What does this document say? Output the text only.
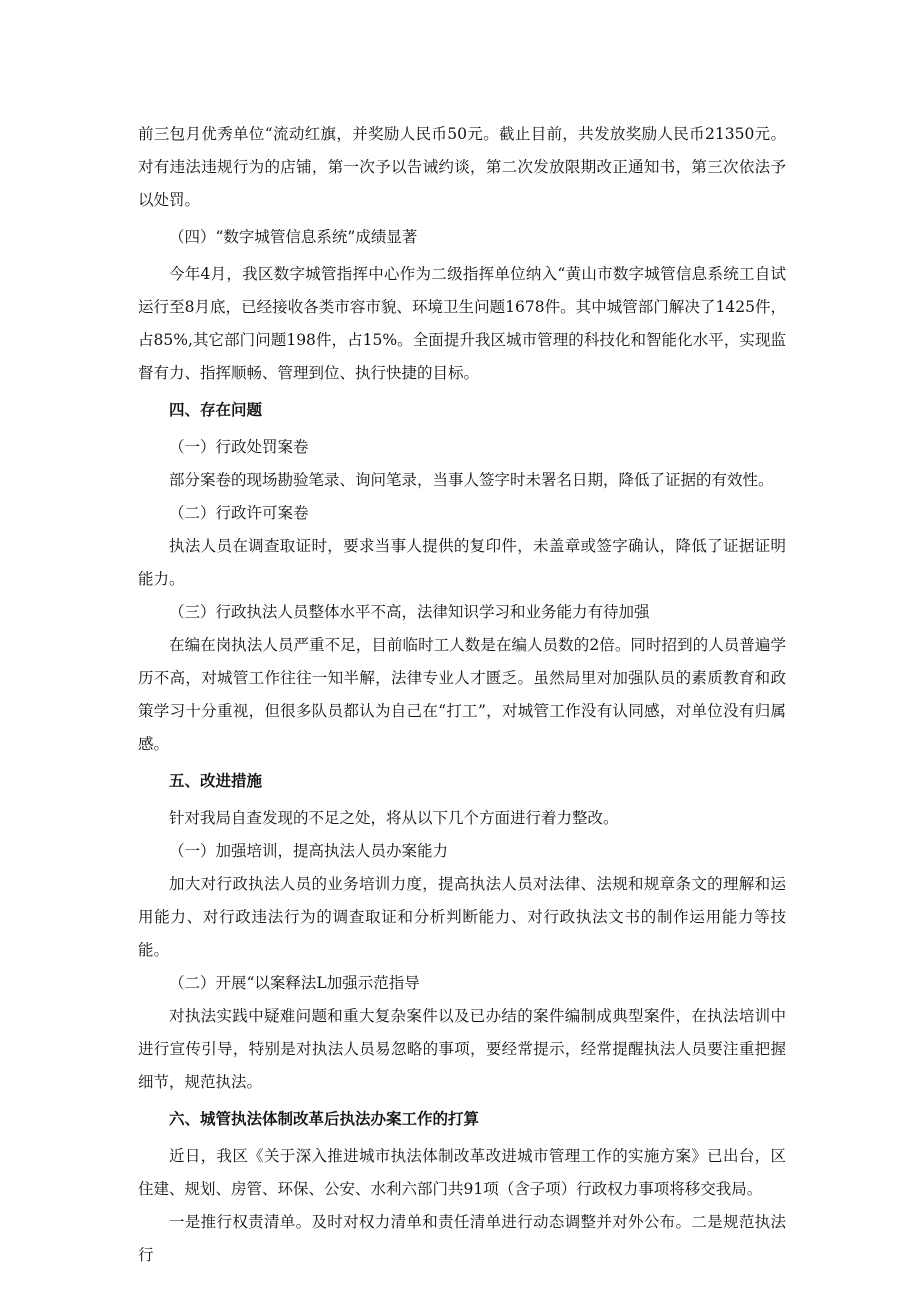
前三包月优秀单位“流动红旗，并奖励人民币50元。截止目前，共发放奖励人民币21350元。对有违法违规行为的店铺，第一次予以告诫约谈，第二次发放限期改正通知书，第三次依法予以处罚。

（四）“数字城管信息系统”成绩显著

今年4月，我区数字城管指挥中心作为二级指挥单位纳入“黄山市数字城管信息系统工自试运行至8月底，已经接收各类市容市貌、环境卫生问题1678件。其中城管部门解决了1425件，占85%,其它部门问题198件，占15%。全面提升我区城市管理的科技化和智能化水平，实现监督有力、指挥顺畅、管理到位、执行快捷的目标。

四、存在问题

（一）行政处罚案卷

部分案卷的现场勘验笔录、询问笔录，当事人签字时未署名日期，降低了证据的有效性。

（二）行政许可案卷

执法人员在调查取证时，要求当事人提供的复印件，未盖章或签字确认，降低了证据证明能力。

（三）行政执法人员整体水平不高，法律知识学习和业务能力有待加强

在编在岗执法人员严重不足，目前临时工人数是在编人员数的2倍。同时招到的人员普遍学历不高，对城管工作往往一知半解，法律专业人才匮乏。虽然局里对加强队员的素质教育和政策学习十分重视，但很多队员都认为自己在“打工”，对城管工作没有认同感，对单位没有归属感。

五、改进措施

针对我局自查发现的不足之处，将从以下几个方面进行着力整改。

（一）加强培训，提高执法人员办案能力

加大对行政执法人员的业务培训力度，提高执法人员对法律、法规和规章条文的理解和运用能力、对行政违法行为的调查取证和分析判断能力、对行政执法文书的制作运用能力等技能。

（二）开展“以案释法L加强示范指导

对执法实践中疑难问题和重大复杂案件以及已办结的案件编制成典型案件，在执法培训中进行宣传引导，特别是对执法人员易忽略的事项，要经常提示，经常提醒执法人员要注重把握细节，规范执法。

六、城管执法体制改革后执法办案工作的打算

近日，我区《关于深入推进城市执法体制改革改进城市管理工作的实施方案》已出台，区住建、规划、房管、环保、公安、水利六部门共91项（含子项）行政权力事项将移交我局。

一是推行权责清单。及时对权力清单和责任清单进行动态调整并对外公布。二是规范执法行
